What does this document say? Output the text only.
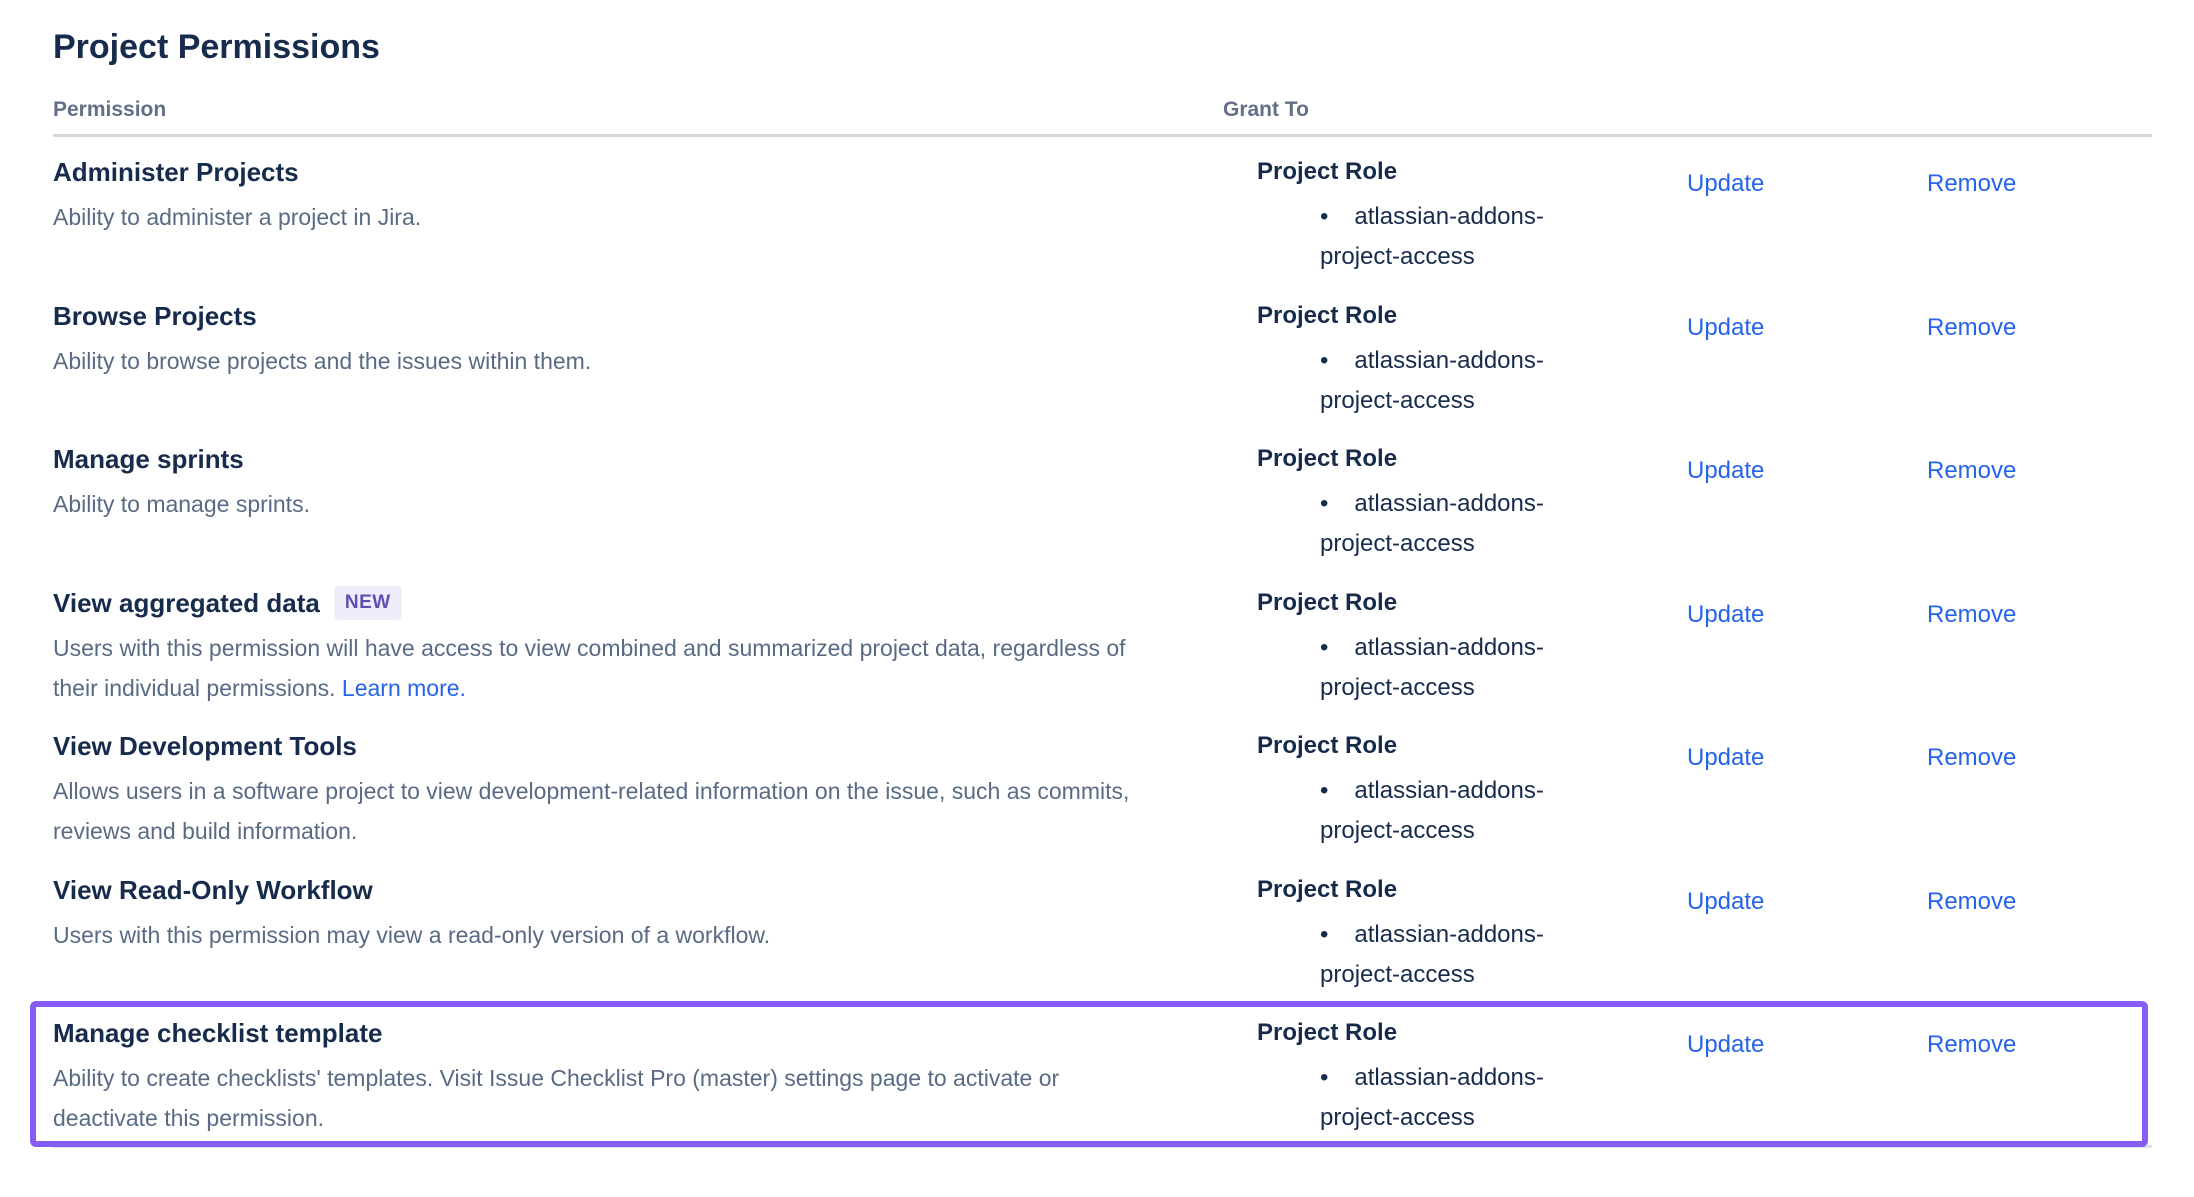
Project Permissions
Permission	Grant To
Administer Projects
Ability to administer a project in Jira.
Project Role
• atlassian-addons-project-access
Update	Remove
Browse Projects
Ability to browse projects and the issues within them.
Project Role
• atlassian-addons-project-access
Update	Remove
Manage sprints
Ability to manage sprints.
Project Role
• atlassian-addons-project-access
Update	Remove
View aggregated data	NEW
Users with this permission will have access to view combined and summarized project data, regardless of their individual permissions. Learn more.
Project Role
• atlassian-addons-project-access
Update	Remove
View Development Tools
Allows users in a software project to view development-related information on the issue, such as commits, reviews and build information.
Project Role
• atlassian-addons-project-access
Update	Remove
View Read-Only Workflow
Users with this permission may view a read-only version of a workflow.
Project Role
• atlassian-addons-project-access
Update	Remove
Manage checklist template
Ability to create checklists' templates. Visit Issue Checklist Pro (master) settings page to activate or deactivate this permission.
Project Role
• atlassian-addons-project-access
Update	Remove
